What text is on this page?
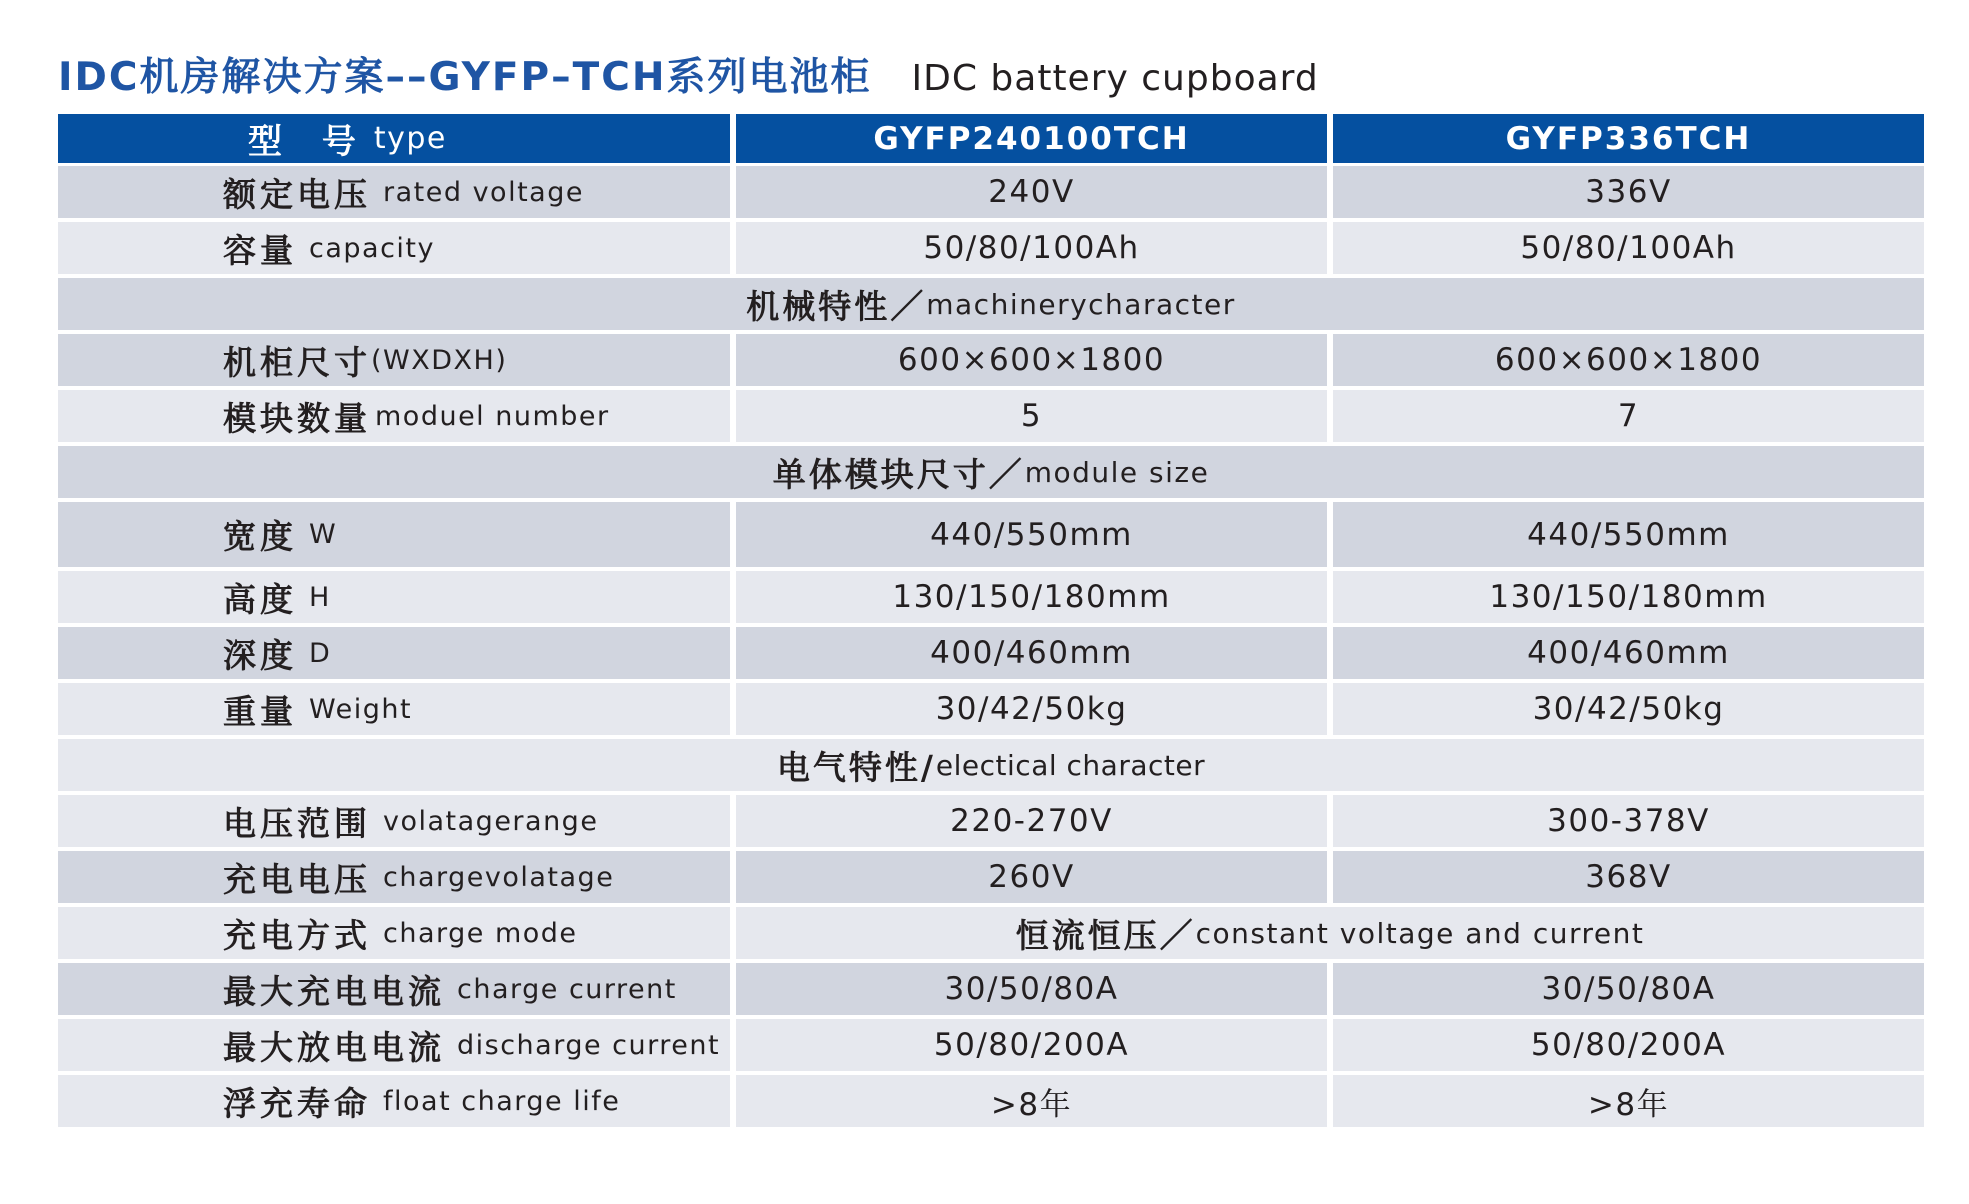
IDC机房解决方案––GYFP–TCH系列电池柜 IDC battery cupboard
型 号 type	GYFP240100TCH	GYFP336TCH
额定电压 rated voltage	240V	336V
容量 capacity	50/80/100Ah	50/80/100Ah
机械特性／ machinerycharacter
机柜尺寸 (WXDXH)	600×600×1800	600×600×1800
模块数量 moduel number	5	7
单体模块尺寸／ module size
宽度 W	440/550mm	440/550mm
高度 H	130/150/180mm	130/150/180mm
深度 D	400/460mm	400/460mm
重量 Weight	30/42/50kg	30/42/50kg
电气特性/ electical character
电压范围 volatagerange	220-270V	300-378V
充电电压 chargevolatage	260V	368V
充电方式 charge mode	恒流恒压／ constant voltage and current
最大充电电流 charge current	30/50/80A	30/50/80A
最大放电电流 discharge current	50/80/200A	50/80/200A
浮充寿命 float charge life	>8年	>8年
